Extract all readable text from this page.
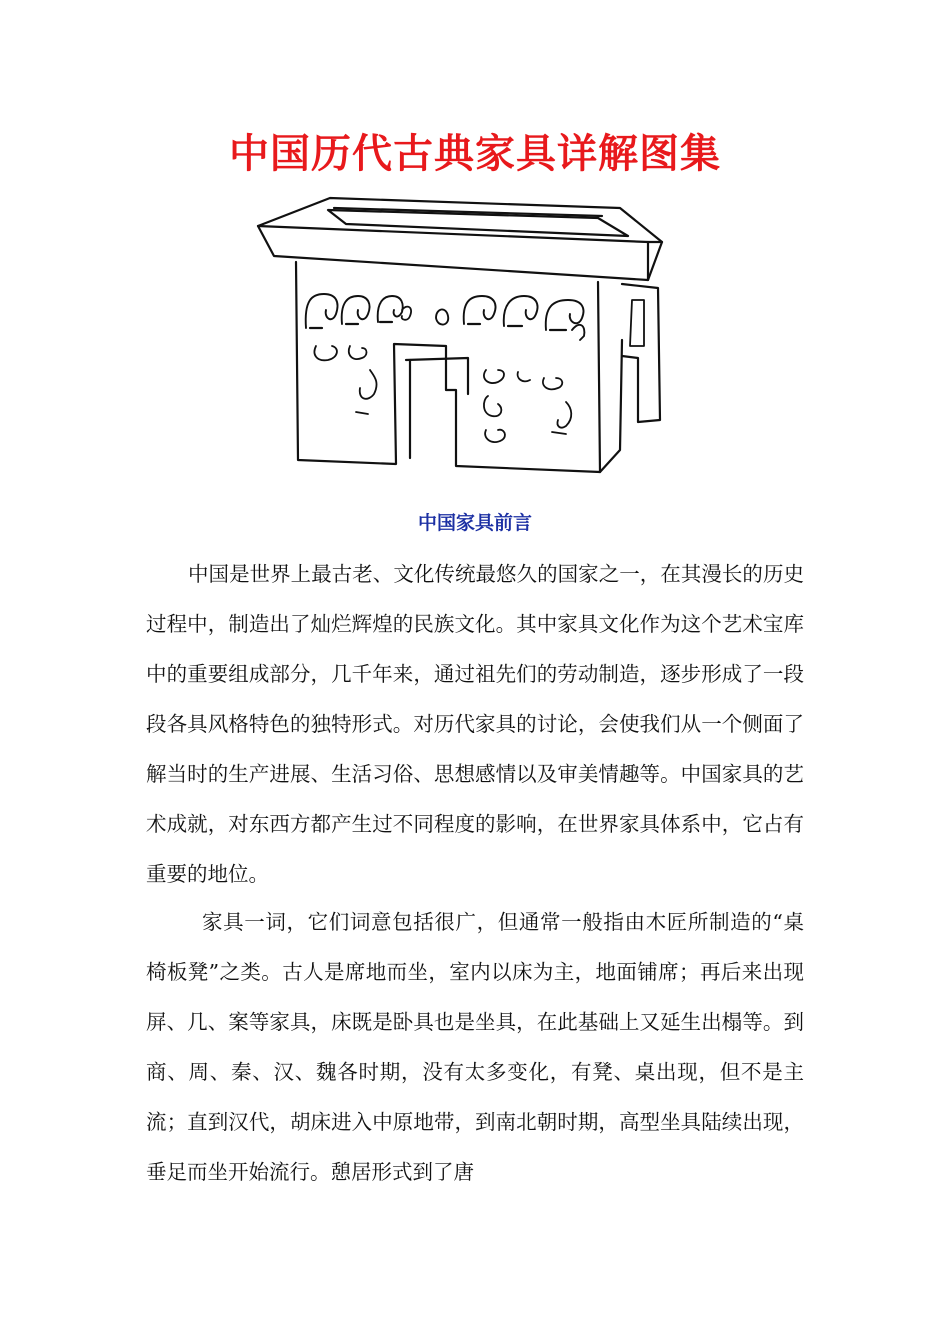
中国历代古典家具详解图集
中国家具前言

中国是世界上最古老、文化传统最悠久的国家之一，在其漫长的历史过程中，制造出了灿烂辉煌的民族文化。其中家具文化作为这个艺术宝库中的重要组成部分，几千年来，通过祖先们的劳动制造，逐步形成了一段段各具风格特色的独特形式。对历代家具的讨论，会使我们从一个侧面了解当时的生产进展、生活习俗、思想感情以及审美情趣等。中国家具的艺术成就，对东西方都产生过不同程度的影响，在世界家具体系中，它占有重要的地位。

家具一词，它们词意包括很广，但通常一般指由木匠所制造的“桌椅板凳”之类。古人是席地而坐，室内以床为主，地面铺席；再后来出现屏、几、案等家具，床既是卧具也是坐具，在此基础上又延生出榻等。到商、周、秦、汉、魏各时期，没有太多变化，有凳、桌出现，但不是主流；直到汉代，胡床进入中原地带，到南北朝时期，高型坐具陆续出现，垂足而坐开始流行。憩居形式到了唐
